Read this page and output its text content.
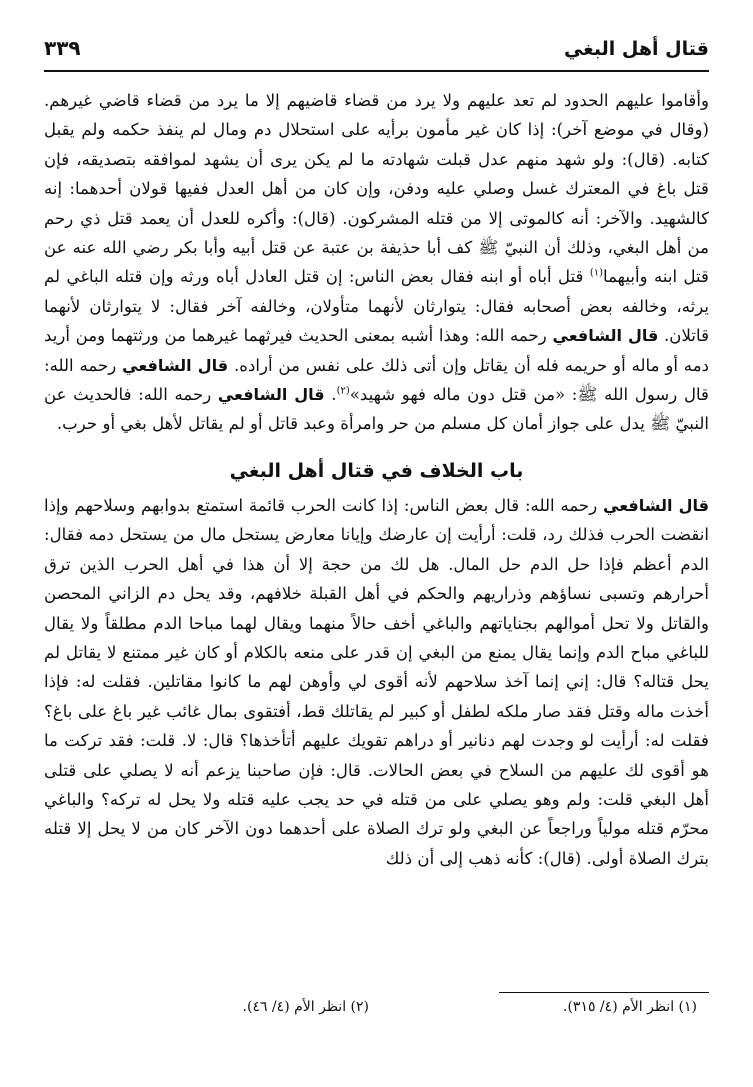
قتال أهل البغي
٣٣٩

وأقاموا عليهم الحدود لم تعد عليهم ولا يرد من قضاء قاضيهم إلا ما يرد من قضاء قاضي غيرهم. (وقال في موضع آخر): إذا كان غير مأمون برأيه على استحلال دم ومال لم ينفذ حكمه ولم يقبل كتابه. (قال): ولو شهد منهم عدل قبلت شهادته ما لم يكن يرى أن يشهد لموافقه بتصديقه، فإن قتل باغ في المعترك غسل وصلي عليه ودفن، وإن كان من أهل العدل ففيها قولان أحدهما: إنه كالشهيد. والآخر: أنه كالموتى إلا من قتله المشركون. (قال): وأكره للعدل أن يعمد قتل ذي رحم من أهل البغي، وذلك أن النبيّ ﷺ كف أبا حذيفة بن عتبة عن قتل أبيه وأبا بكر رضي الله عنه عن قتل ابنه وأبيهما$^{(١)}$ قتل أباه أو ابنه فقال بعض الناس: إن قتل العادل أباه ورثه وإن قتله الباغي لم يرثه، وخالفه بعض أصحابه فقال: يتوارثان لأنهما متأولان، وخالفه آخر فقال: لا يتوارثان لأنهما قاتلان. قال الشافعي رحمه الله: وهذا أشبه بمعنى الحديث فيرثهما غيرهما من ورثتهما ومن أريد دمه أو ماله أو حريمه فله أن يقاتل وإن أتى ذلك على نفس من أراده. قال الشافعي رحمه الله: قال رسول الله ﷺ: «من قتل دون ماله فهو شهيد»$^{(٢)}$. قال الشافعي رحمه الله: فالحديث عن النبيّ ﷺ يدل على جواز أمان كل مسلم من حر وامرأة وعبد قاتل أو لم يقاتل لأهل بغي أو حرب.

باب الخلاف في قتال أهل البغي

قال الشافعي رحمه الله: قال بعض الناس: إذا كانت الحرب قائمة استمتع بدوابهم وسلاحهم وإذا انقضت الحرب فذلك رد، قلت: أرأيت إن عارضك وإيانا معارض يستحل مال من يستحل دمه فقال: الدم أعظم فإذا حل الدم حل المال. هل لك من حجة إلا أن هذا في أهل الحرب الذين ترق أحرارهم وتسبى نساؤهم وذراريهم والحكم في أهل القبلة خلافهم، وقد يحل دم الزاني المحصن والقاتل ولا تحل أموالهم بجناياتهم والباغي أخف حالاً منهما ويقال لهما مباحا الدم مطلقاً ولا يقال للباغي مباح الدم وإنما يقال يمنع من البغي إن قدر على منعه بالكلام أو كان غير ممتنع لا يقاتل لم يحل قتاله؟ قال: إني إنما آخذ سلاحهم لأنه أقوى لي وأوهن لهم ما كانوا مقاتلين. فقلت له: فإذا أخذت ماله وقتل فقد صار ملكه لطفل أو كبير لم يقاتلك قط، أفتقوى بمال غائب غير باغ على باغ؟ فقلت له: أرأيت لو وجدت لهم دنانير أو دراهم تقويك عليهم أتأخذها؟ قال: لا. قلت: فقد تركت ما هو أقوى لك عليهم من السلاح في بعض الحالات. قال: فإن صاحبنا يزعم أنه لا يصلي على قتلى أهل البغي قلت: ولم وهو يصلي على من قتله في حد يجب عليه قتله ولا يحل له تركه؟ والباغي محرّم قتله مولياً وراجعاً عن البغي ولو ترك الصلاة على أحدهما دون الآخر كان من لا يحل إلا قتله بترك الصلاة أولى. (قال): كأنه ذهب إلى أن ذلك

(١) انظر الأم (٤/ ٣١٥).
(٢) انظر الأم (٤/ ٤٦).
